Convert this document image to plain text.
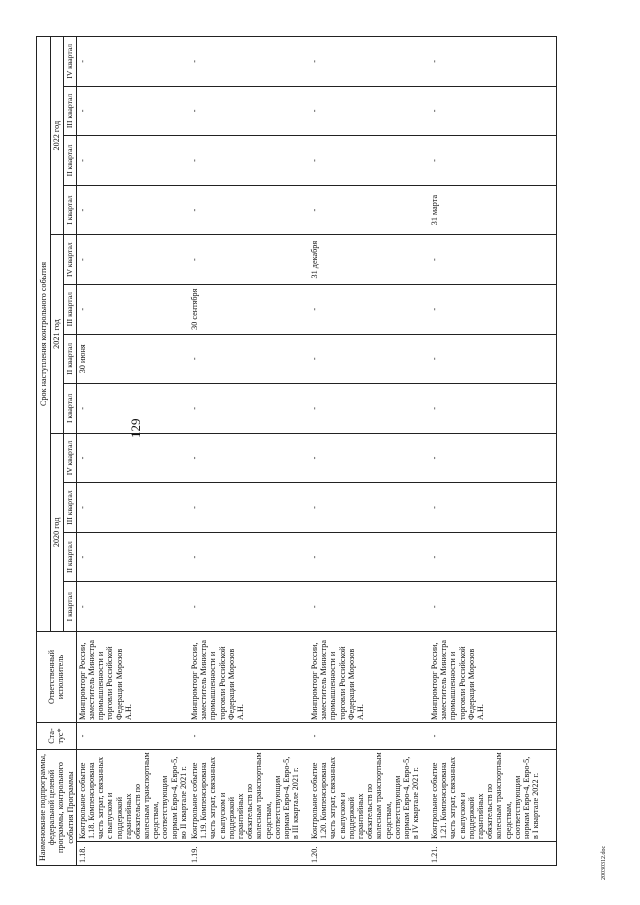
129
Наименование подпрограммы, федеральной целевой программы, контрольного события Программы		Ста-тус*	Ответственный исполнитель	Срок наступления контрольного события											
				2020 год				2021 год				2022 год			
				I квартал	II квартал	III квартал	IV квартал	I квартал	II квартал	III квартал	IV квартал	I квартал	II квартал	III квартал	IV квартал
1.18.	Контрольное событие 1.18. Компенсирована часть затрат, связанных с выпуском и поддержкой гарантийных обязательств по колесным транспортным средствам, соответствующим нормам Евро-4, Евро-5, во II квартале 2021 г.	-	Минпромторг России, заместитель Министра промышленности и торговли Российской Федерации Морозов А.Н.	-	-	-	-	-	30 июня	-	-	-	-	-	-
1.19.	Контрольное событие 1.19. Компенсирована часть затрат, связанных с выпуском и поддержкой гарантийных обязательств по колесным транспортным средствам, соответствующим нормам Евро-4, Евро-5, в III квартале 2021 г.	-	Минпромторг России, заместитель Министра промышленности и торговли Российской Федерации Морозов А.Н.	-	-	-	-	-	-	30 сентября	-	-	-	-	-
1.20.	Контрольное событие 1.20. Компенсирована часть затрат, связанных с выпуском и поддержкой гарантийных обязательств по колесным транспортным средствам, соответствующим нормам Евро-4, Евро-5, в IV квартале 2021 г.	-	Минпромторг России, заместитель Министра промышленности и торговли Российской Федерации Морозов А.Н.	-	-	-	-	-	-	-	31 декабря	-	-	-	-
1.21.	Контрольное событие 1.21. Компенсирована часть затрат, связанных с выпуском и поддержкой гарантийных обязательств по колесным транспортным средствам, соответствующим нормам Евро-4, Евро-5, в I квартале 2022 г.	-	Минпромторг России, заместитель Министра промышленности и торговли Российской Федерации Морозов А.Н.	-	-	-	-	-	-	-	-	31 марта	-	-	-
20030312.doc
